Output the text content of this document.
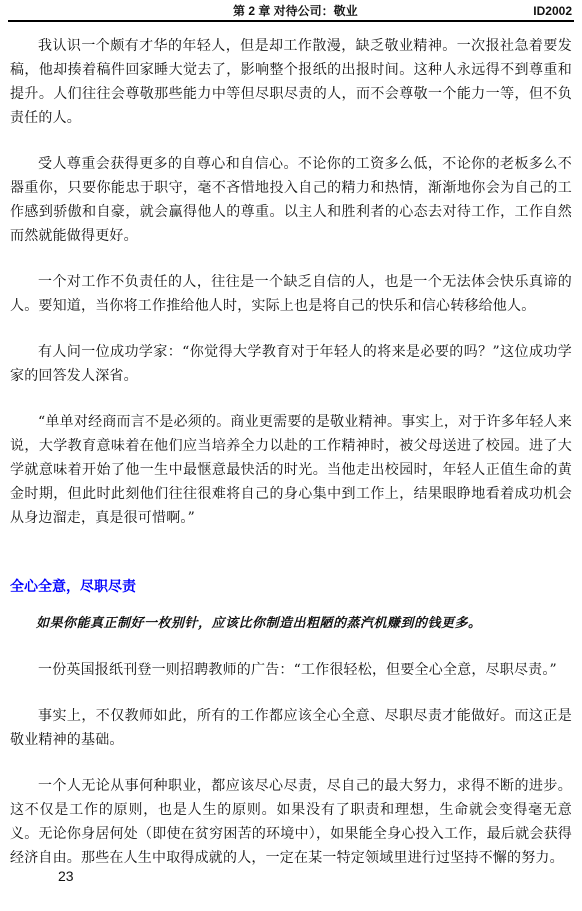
第 2 章 对待公司：敬业	ID2002

我认识一个颇有才华的年轻人，但是却工作散漫，缺乏敬业精神。一次报社急着要发稿，他却揍着稿件回家睡大觉去了，影响整个报纸的出报时间。这种人永远得不到尊重和提升。人们往往会尊敬那些能力中等但尽职尽责的人，而不会尊敬一个能力一等，但不负责任的人。

受人尊重会获得更多的自尊心和自信心。不论你的工资多么低，不论你的老板多么不器重你，只要你能忠于职守，毫不吝惜地投入自己的精力和热情，渐渐地你会为自己的工作感到骄傲和自豪，就会赢得他人的尊重。以主人和胜利者的心态去对待工作，工作自然而然就能做得更好。

一个对工作不负责任的人，往往是一个缺乏自信的人，也是一个无法体会快乐真谛的人。要知道，当你将工作推给他人时，实际上也是将自己的快乐和信心转移给他人。

有人问一位成功学家：“你觉得大学教育对于年轻人的将来是必要的吗？”这位成功学家的回答发人深省。

“单单对经商而言不是必须的。商业更需要的是敬业精神。事实上，对于许多年轻人来说，大学教育意味着在他们应当培养全力以赴的工作精神时，被父母送进了校园。进了大学就意味着开始了他一生中最惬意最快活的时光。当他走出校园时，年轻人正值生命的黄金时期，但此时此刻他们往往很难将自己的身心集中到工作上，结果眼睁地看着成功机会从身边溜走，真是很可惜啊。”

全心全意，尽职尽责

如果你能真正制好一枚别针，应该比你制造出粗陋的蒸汽机赚到的钱更多。

一份英国报纸刊登一则招聘教师的广告：“工作很轻松，但要全心全意，尽职尽责。”

事实上，不仅教师如此，所有的工作都应该全心全意、尽职尽责才能做好。而这正是敬业精神的基础。

一个人无论从事何种职业，都应该尽心尽责，尽自己的最大努力，求得不断的进步。这不仅是工作的原则，也是人生的原则。如果没有了职责和理想，生命就会变得毫无意义。无论你身居何处（即使在贫穷困苦的环境中），如果能全身心投入工作，最后就会获得经济自由。那些在人生中取得成就的人，一定在某一特定领域里进行过坚持不懈的努力。

23
